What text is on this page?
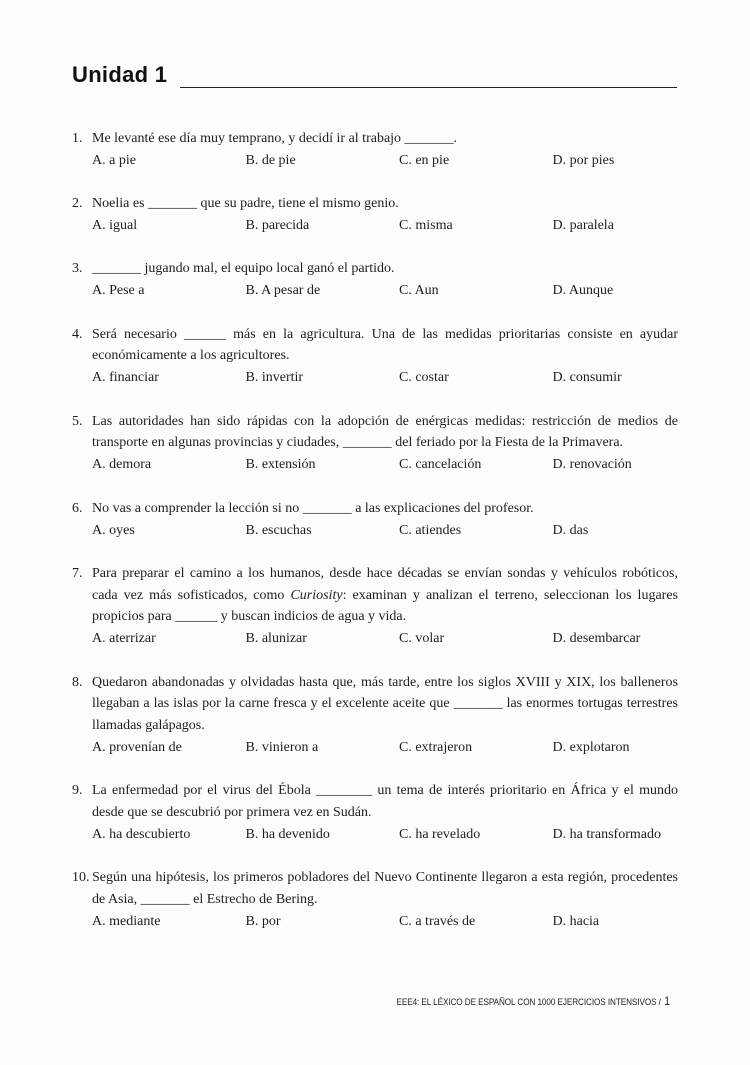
Unidad 1
1. Me levanté ese día muy temprano, y decidí ir al trabajo _______.
A. a pie	B. de pie	C. en pie	D. por pies
2. Noelia es _______ que su padre, tiene el mismo genio.
A. igual	B. parecida	C. misma	D. paralela
3. _______ jugando mal, el equipo local ganó el partido.
A. Pese a	B. A pesar de	C. Aun	D. Aunque
4. Será necesario ______ más en la agricultura. Una de las medidas prioritarias consiste en ayudar económicamente a los agricultores.
A. financiar	B. invertir	C. costar	D. consumir
5. Las autoridades han sido rápidas con la adopción de enérgicas medidas: restricción de medios de transporte en algunas provincias y ciudades, _______ del feriado por la Fiesta de la Primavera.
A. demora	B. extensión	C. cancelación	D. renovación
6. No vas a comprender la lección si no _______ a las explicaciones del profesor.
A. oyes	B. escuchas	C. atiendes	D. das
7. Para preparar el camino a los humanos, desde hace décadas se envían sondas y vehículos robóticos, cada vez más sofisticados, como Curiosity: examinan y analizan el terreno, seleccionan los lugares propicios para ______ y buscan indicios de agua y vida.
A. aterrizar	B. alunizar	C. volar	D. desembarcar
8. Quedaron abandonadas y olvidadas hasta que, más tarde, entre los siglos XVIII y XIX, los balleneros llegaban a las islas por la carne fresca y el excelente aceite que _______ las enormes tortugas terrestres llamadas galápagos.
A. provenían de	B. vinieron a	C. extrajeron	D. explotaron
9. La enfermedad por el virus del Ébola ________ un tema de interés prioritario en África y el mundo desde que se descubrió por primera vez en Sudán.
A. ha descubierto	B. ha devenido	C. ha revelado	D. ha transformado
10. Según una hipótesis, los primeros pobladores del Nuevo Continente llegaron a esta región, procedentes de Asia, _______ el Estrecho de Bering.
A. mediante	B. por	C. a través de	D. hacia
EEE4: EL LÉXICO DE ESPAÑOL CON 1000 EJERCICIOS INTENSIVOS / 1
